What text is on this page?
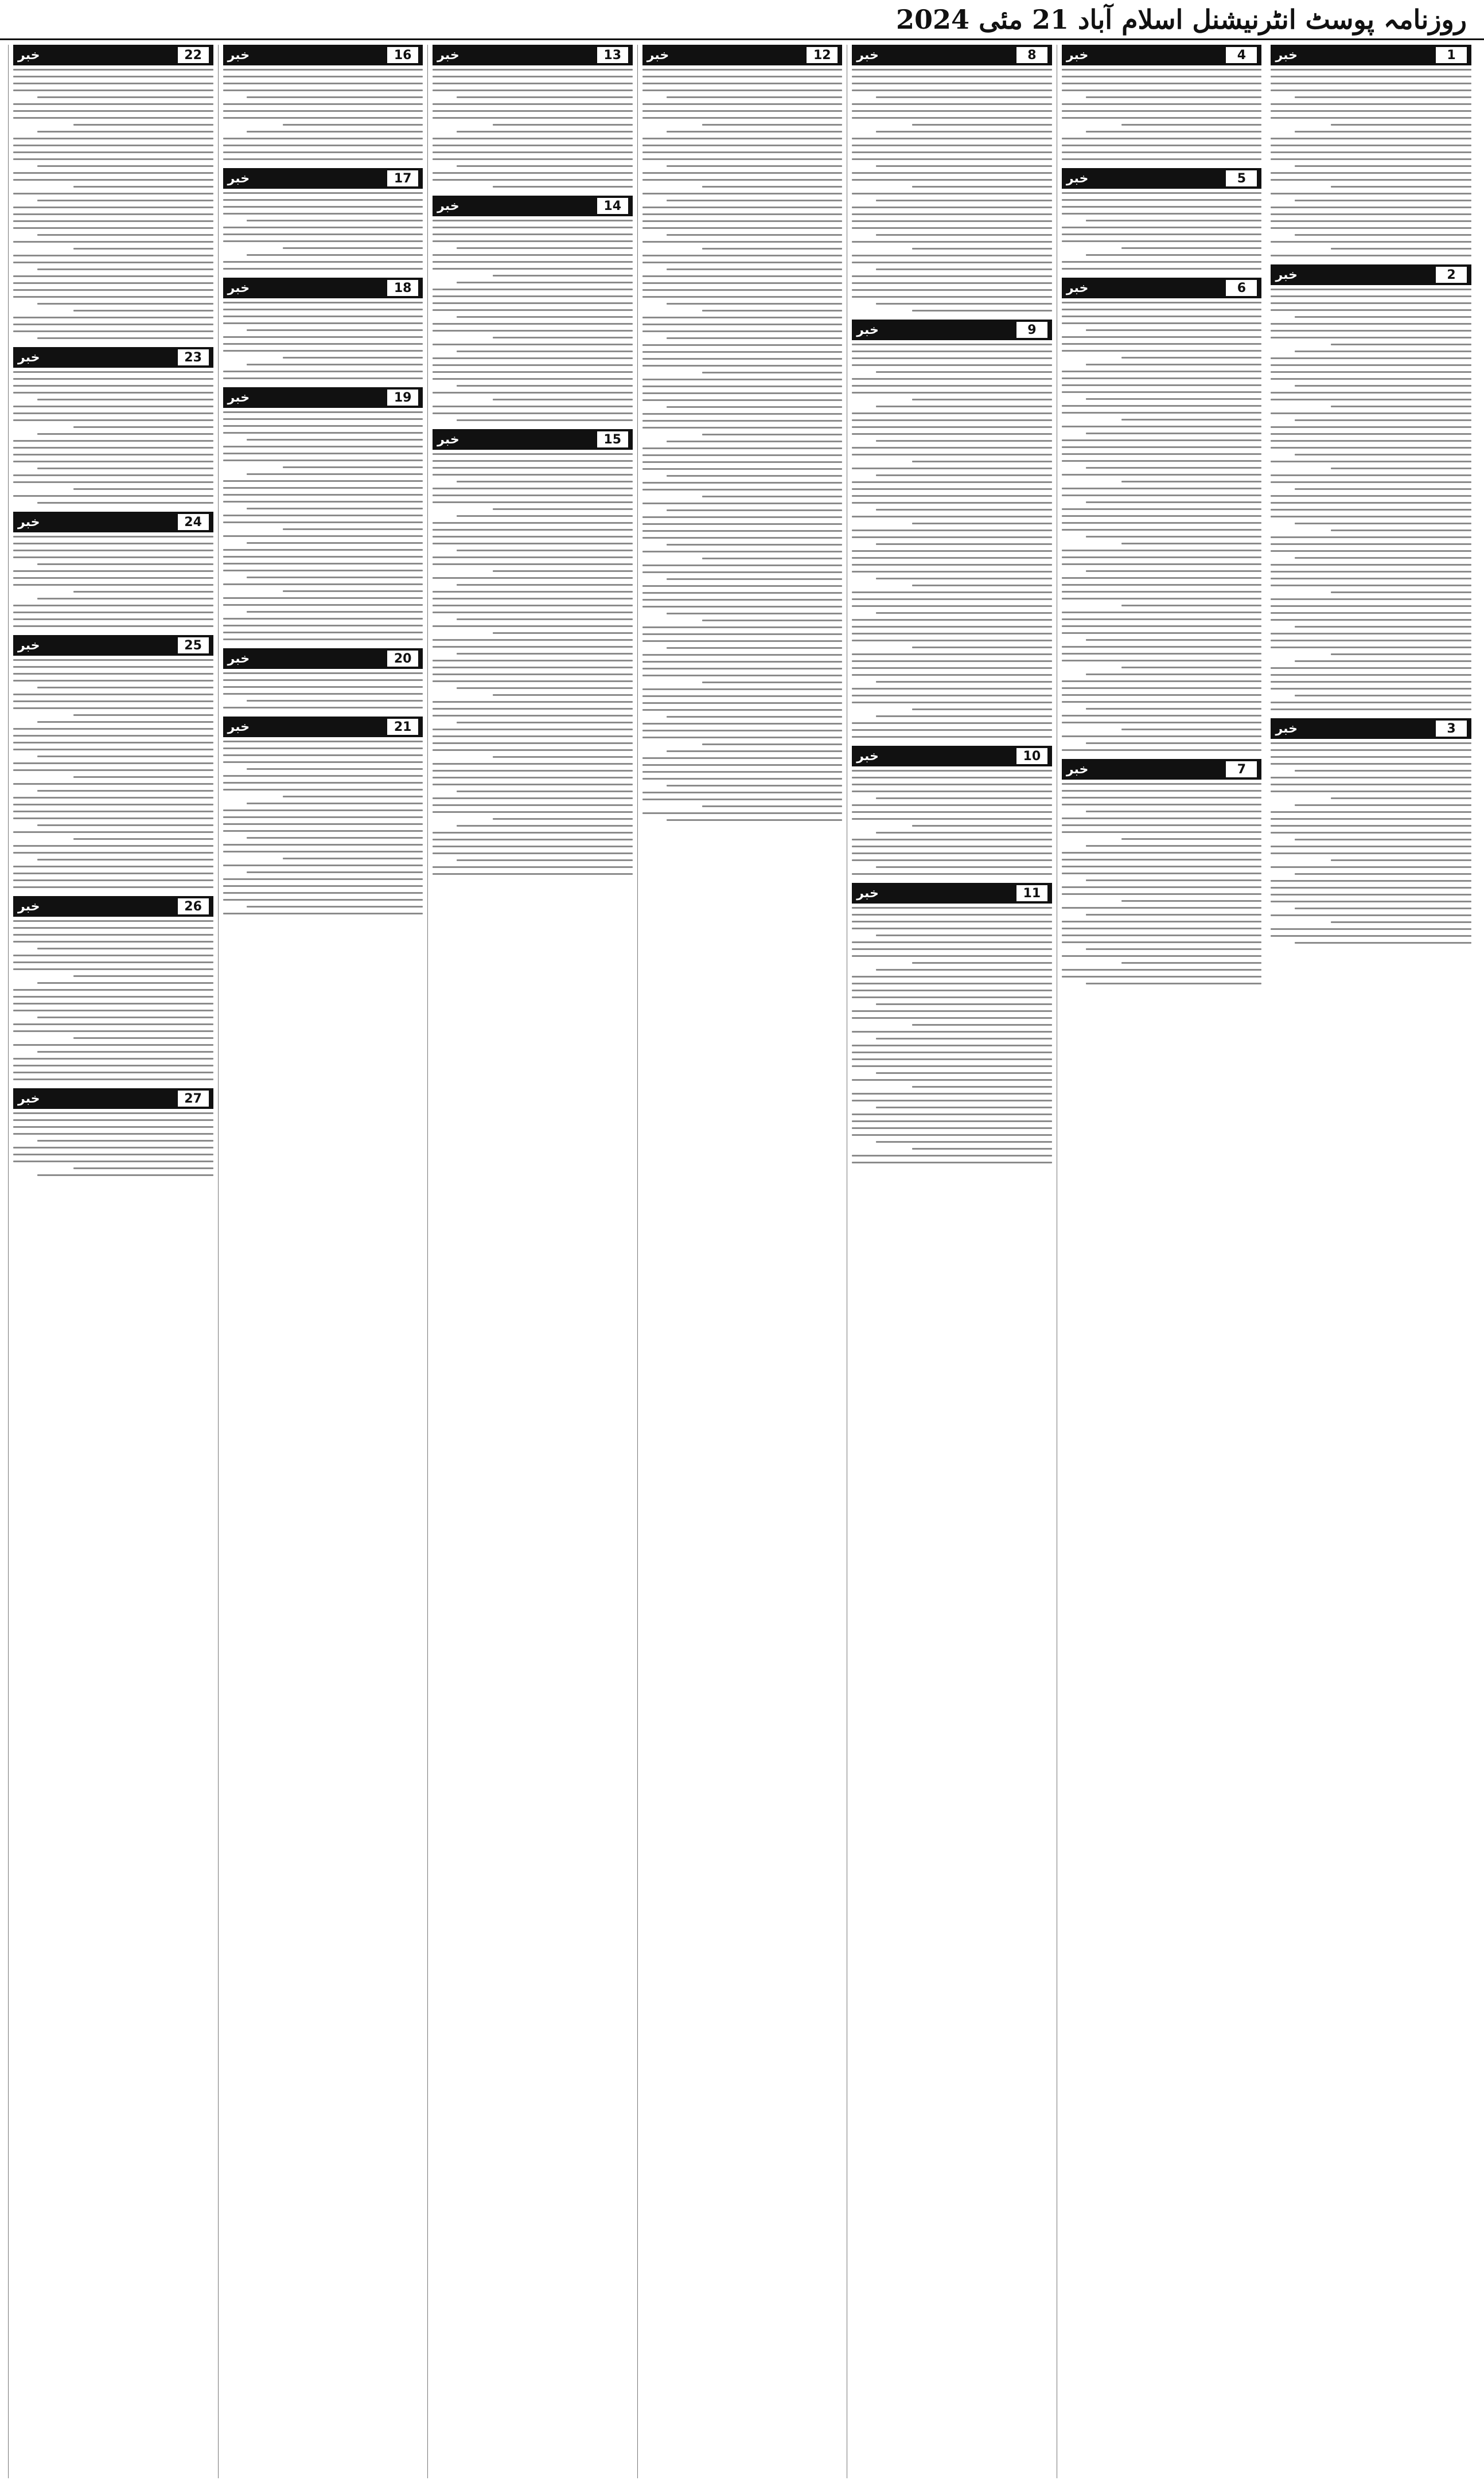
روزنامہ پوسٹ انٹرنیشنل اسلام آباد 21 مئی 2024
خبر	1
خبر	2
خبر	3
خبر	4
خبر	5
خبر	6
خبر	7
خبر	8
خبر	9
خبر	10
خبر	11
خبر	12
خبر	13
خبر	14
خبر	15
خبر	16
خبر	17
خبر	18
خبر	19
خبر	20
خبر	21
خبر	22
خبر	23
خبر	24
خبر	25
خبر	26
خبر	27
